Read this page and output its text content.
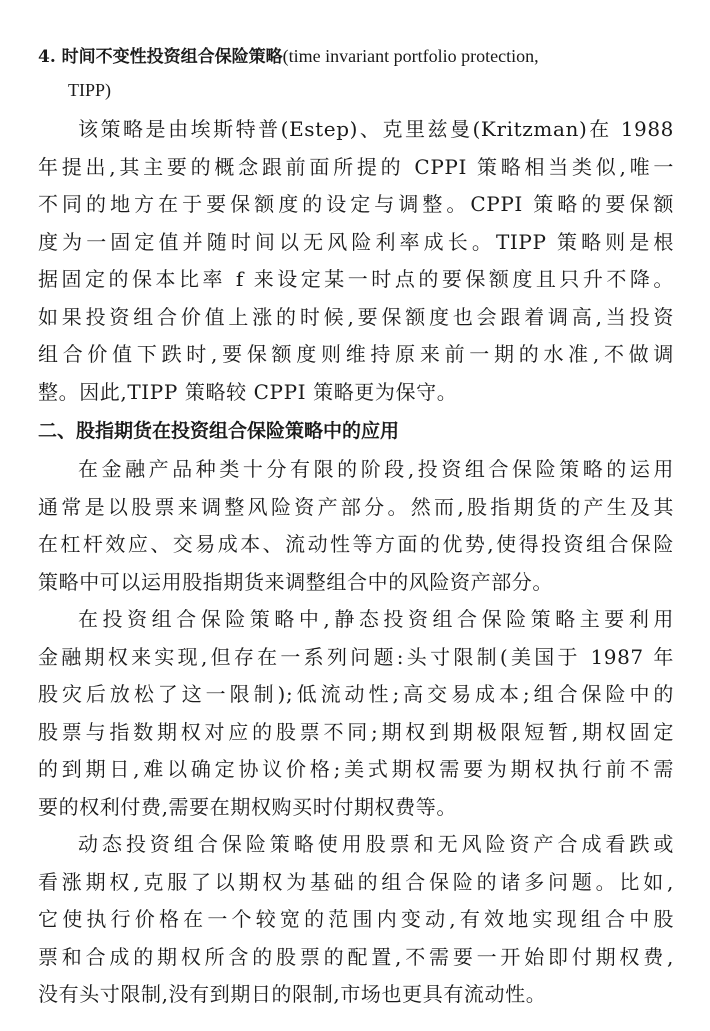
4. 时间不变性投资组合保险策略(time invariant portfolio protection,
TIPP)

该策略是由埃斯特普(Estep)、克里兹曼(Kritzman)在 1988
年提出,其主要的概念跟前面所提的 CPPI 策略相当类似,唯一
不同的地方在于要保额度的设定与调整。CPPI 策略的要保额
度为一固定值并随时间以无风险利率成长。TIPP 策略则是根
据固定的保本比率 f 来设定某一时点的要保额度且只升不降。
如果投资组合价值上涨的时候,要保额度也会跟着调高,当投资
组合价值下跌时,要保额度则维持原来前一期的水准,不做调
整。因此,TIPP 策略较 CPPI 策略更为保守。

二、股指期货在投资组合保险策略中的应用

在金融产品种类十分有限的阶段,投资组合保险策略的运用
通常是以股票来调整风险资产部分。然而,股指期货的产生及其
在杠杆效应、交易成本、流动性等方面的优势,使得投资组合保险
策略中可以运用股指期货来调整组合中的风险资产部分。
在投资组合保险策略中,静态投资组合保险策略主要利用
金融期权来实现,但存在一系列问题:头寸限制(美国于 1987 年
股灾后放松了这一限制);低流动性;高交易成本;组合保险中的
股票与指数期权对应的股票不同;期权到期极限短暂,期权固定
的到期日,难以确定协议价格;美式期权需要为期权执行前不需
要的权利付费,需要在期权购买时付期权费等。
动态投资组合保险策略使用股票和无风险资产合成看跌或
看涨期权,克服了以期权为基础的组合保险的诸多问题。比如,
它使执行价格在一个较宽的范围内变动,有效地实现组合中股
票和合成的期权所含的股票的配置,不需要一开始即付期权费,
没有头寸限制,没有到期日的限制,市场也更具有流动性。
